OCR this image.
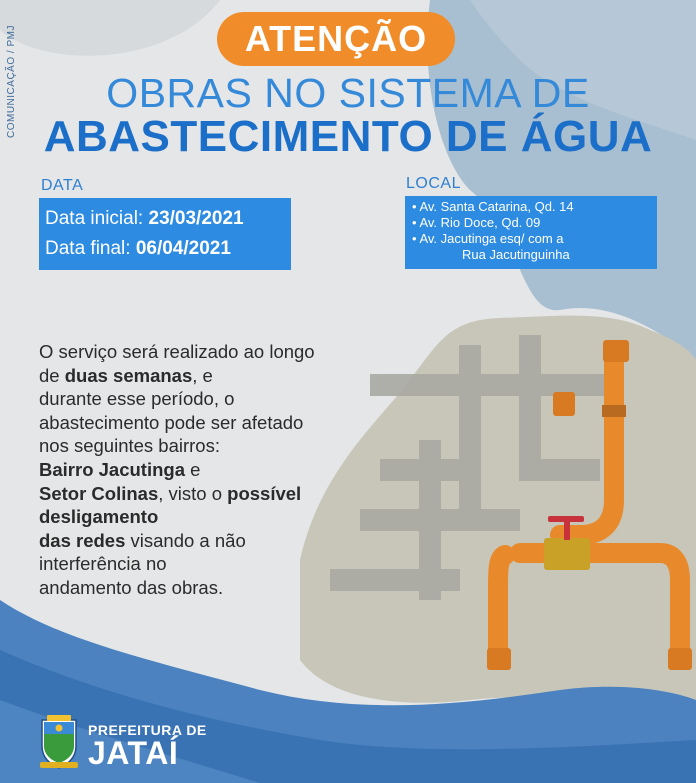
COMUNICAÇÃO / PMJ	ATENÇÃO
OBRAS NO SISTEMA DE
ABASTECIMENTO DE ÁGUA
DATA
Data inicial: 23/03/2021
Data final: 06/04/2021
LOCAL
• Av. Santa Catarina, Qd. 14
• Av. Rio Doce, Qd. 09
• Av. Jacutinga esq/ com a
Rua Jacutinguinha

O serviço será realizado ao longo

de duas semanas, e

durante esse período, o

abastecimento pode ser afetado

nos seguintes bairros:

Bairro Jacutinga e

Setor Colinas, visto o possível

desligamento

das redes visando a não

interferência no

andamento das obras.

PREFEITURA DE
JATAÍ
